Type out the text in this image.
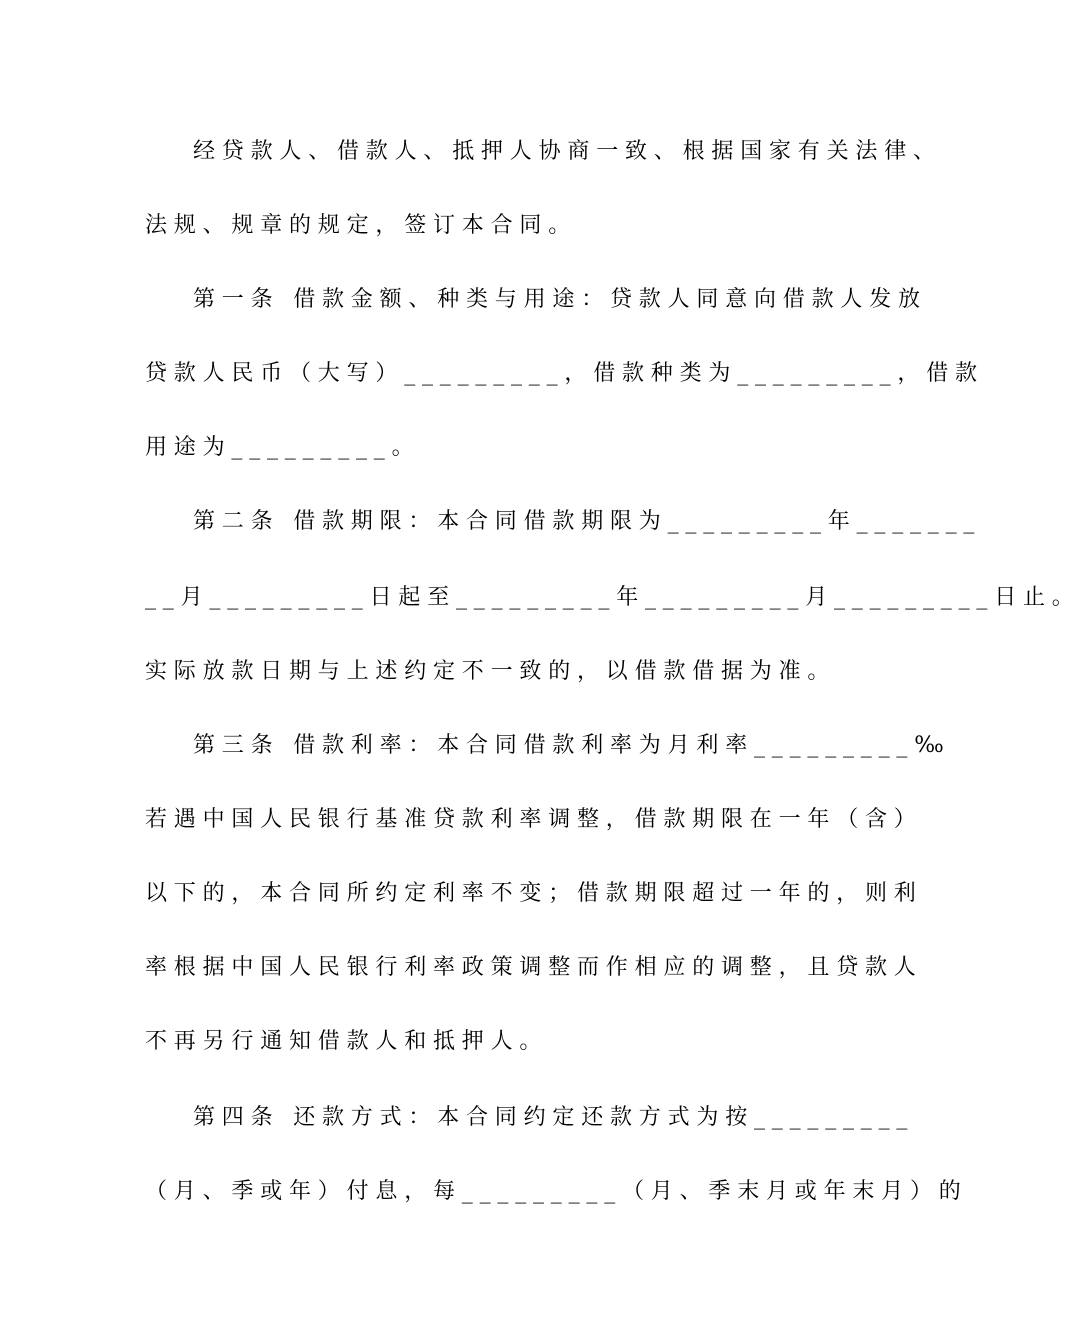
经贷款人、借款人、抵押人协商一致、根据国家有关法律、
法规、规章的规定，签订本合同。
第一条 借款金额、种类与用途：贷款人同意向借款人发放
贷款人民币（大写）_________，借款种类为_________，借款
用途为_________。
第二条 借款期限：本合同借款期限为_________年_______
__月_________日起至_________年_________月_________日止。
实际放款日期与上述约定不一致的，以借款借据为准。
第三条 借款利率：本合同借款利率为月利率_________‰
若遇中国人民银行基准贷款利率调整，借款期限在一年（含）
以下的，本合同所约定利率不变；借款期限超过一年的，则利
率根据中国人民银行利率政策调整而作相应的调整，且贷款人
不再另行通知借款人和抵押人。
第四条 还款方式：本合同约定还款方式为按_________
（月、季或年）付息，每_________（月、季末月或年末月）的
